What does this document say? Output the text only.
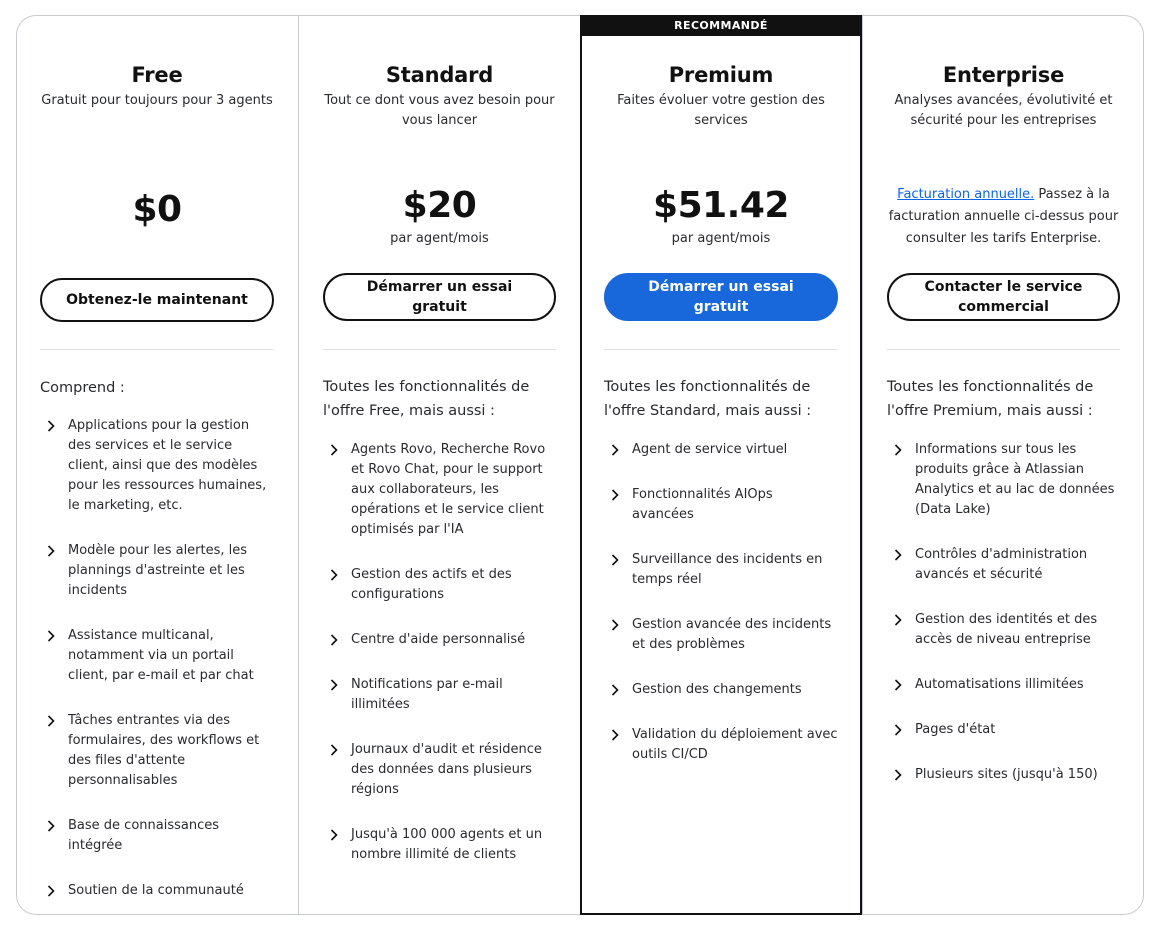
RECOMMANDÉ
Free
Gratuit pour toujours pour 3 agents
$0
Obtenez-le maintenant
Comprend :
Applications pour la gestion des services et le service client, ainsi que des modèles pour les ressources humaines, le marketing, etc.
Modèle pour les alertes, les plannings d'astreinte et les incidents
Assistance multicanal, notamment via un portail client, par e-mail et par chat
Tâches entrantes via des formulaires, des workflows et des files d'attente personnalisables
Base de connaissances intégrée
Soutien de la communauté
Standard
Tout ce dont vous avez besoin pour vous lancer
$20
par agent/mois
Démarrer un essai gratuit
Toutes les fonctionnalités de l'offre Free, mais aussi :
Agents Rovo, Recherche Rovo et Rovo Chat, pour le support aux collaborateurs, les opérations et le service client optimisés par l'IA
Gestion des actifs et des configurations
Centre d'aide personnalisé
Notifications par e-mail illimitées
Journaux d'audit et résidence des données dans plusieurs régions
Jusqu'à 100 000 agents et un nombre illimité de clients
Premium
Faites évoluer votre gestion des services
$51.42
par agent/mois
Démarrer un essai gratuit
Toutes les fonctionnalités de l'offre Standard, mais aussi :
Agent de service virtuel
Fonctionnalités AIOps avancées
Surveillance des incidents en temps réel
Gestion avancée des incidents et des problèmes
Gestion des changements
Validation du déploiement avec outils CI/CD
Enterprise
Analyses avancées, évolutivité et sécurité pour les entreprises
Facturation annuelle. Passez à la facturation annuelle ci-dessus pour consulter les tarifs Enterprise.
Contacter le service commercial
Toutes les fonctionnalités de l'offre Premium, mais aussi :
Informations sur tous les produits grâce à Atlassian Analytics et au lac de données (Data Lake)
Contrôles d'administration avancés et sécurité
Gestion des identités et des accès de niveau entreprise
Automatisations illimitées
Pages d'état
Plusieurs sites (jusqu'à 150)
